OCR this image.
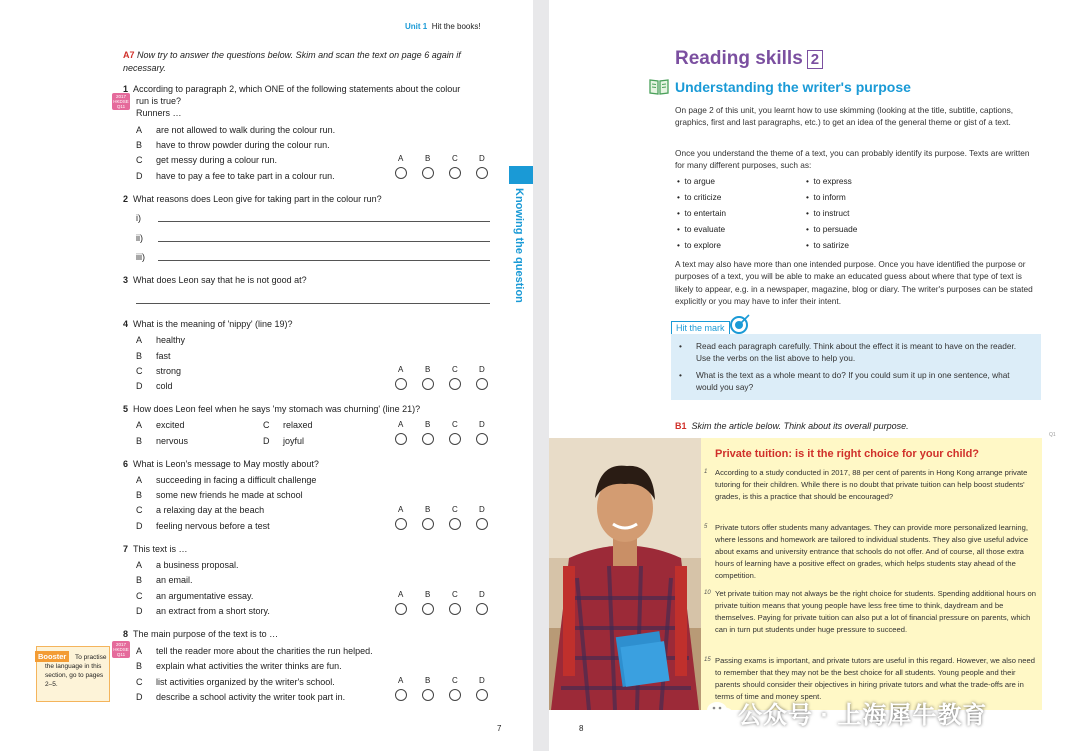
Unit 1 Hit the books!
A7 Now try to answer the questions below. Skim and scan the text on page 6 again if
necessary.
2017 HKDSE Q11
1 According to paragraph 2, which ONE of the following statements about the colour
run is true?
Runners …
A are not allowed to walk during the colour run.
B have to throw powder during the colour run.
C get messy during a colour run.
D have to pay a fee to take part in a colour run.
A	B	C	D
2 What reasons does Leon give for taking part in the colour run?
i)
ii)
iii)
3 What does Leon say that he is not good at?
4 What is the meaning of 'nippy' (line 19)?
A healthy
B fast
C strong
D cold
A	B	C	D
5 How does Leon feel when he says 'my stomach was churning' (line 21)?
A excited	C relaxed
B nervous	D joyful
A	B	C	D
6 What is Leon's message to May mostly about?
A succeeding in facing a difficult challenge
B some new friends he made at school
C a relaxing day at the beach
D feeling nervous before a test
A	B	C	D
7 This text is …
A a business proposal.
B an email.
C an argumentative essay.
D an extract from a short story.
A	B	C	D
2017 HKDSE Q11
8 The main purpose of the text is to …
A tell the reader more about the charities the run helped.
B explain what activities the writer thinks are fun.
C list activities organized by the writer's school.
D describe a school activity the writer took part in.
A	B	C	D
Booster	To practise the language in this section, go to pages 2–5.
Knowing the question
7
Reading skills 2
Understanding the writer's purpose
On page 2 of this unit, you learnt how to use skimming (looking at the title, subtitle, captions, graphics, first and last paragraphs, etc.) to get an idea of the general theme or gist of a text.
Once you understand the theme of a text, you can probably identify its purpose. Texts are written for many different purposes, such as:
•  to argue
•  to criticize
•  to entertain
•  to evaluate
•  to explore
•  to express
•  to inform
•  to instruct
•  to persuade
•  to satirize
A text may also have more than one intended purpose. Once you have identified the purpose or purposes of a text, you will be able to make an educated guess about where that type of text is likely to appear, e.g. in a newspaper, magazine, blog or diary. The writer's purposes can be stated explicitly or you may have to infer their intent.
Hit the mark
• Read each paragraph carefully. Think about the effect it is meant to have on the reader. Use the verbs on the list above to help you.
• What is the text as a whole meant to do? If you could sum it up in one sentence, what would you say?
B1 Skim the article below. Think about its overall purpose.
Q1
Private tuition: is it the right choice for your child?
1 According to a study conducted in 2017, 88 per cent of parents in Hong Kong arrange private tutoring for their children. While there is no doubt that private tuition can help boost students' grades, is this a practice that should be encouraged?
5 Private tutors offer students many advantages. They can provide more personalized learning, where lessons and homework are tailored to individual students. They also give useful advice about exams and university entrance that schools do not offer. And of course, all those extra hours of learning have a positive effect on grades, which helps students stay ahead of the competition.
10 Yet private tuition may not always be the right choice for students. Spending additional hours on private tuition means that young people have less free time to think, daydream and be themselves. Paying for private tuition can also put a lot of financial pressure on parents, which can in turn put students under huge pressure to succeed.
15 Passing exams is important, and private tutors are useful in this regard. However, we also need to remember that they may not be the best choice for all students. Young people and their parents should consider their objectives in hiring private tutors and what the trade-offs are in terms of time and money spent.
8	公众号 · 上海犀牛教育
